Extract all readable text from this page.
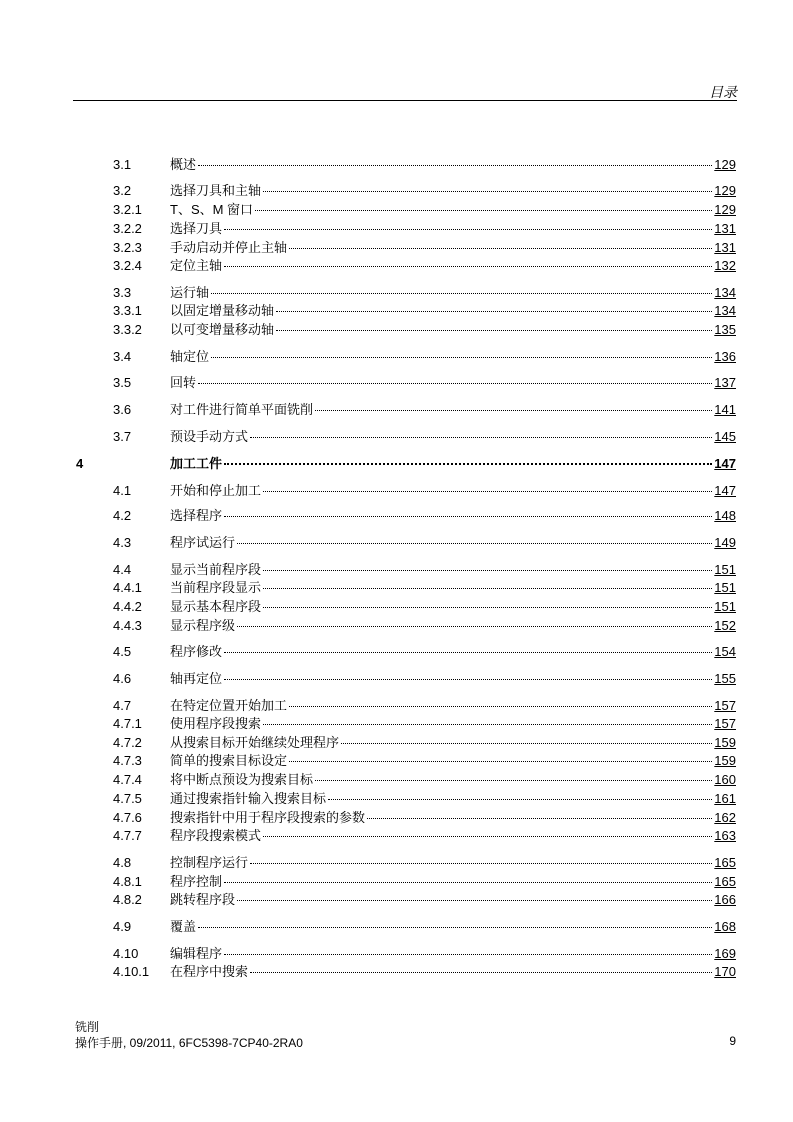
目录
3.1	概述	129
3.2	选择刀具和主轴	129
3.2.1 T、S、M 窗口	129
3.2.2 选择刀具	131
3.2.3 手动启动并停止主轴	131
3.2.4 定位主轴	132
3.3	运行轴	134
3.3.1 以固定增量移动轴	134
3.3.2 以可变增量移动轴	135
3.4	轴定位	136
3.5	回转	137
3.6	对工件进行简单平面铣削	141
3.7	预设手动方式	145
4	加工工件	147
4.1	开始和停止加工	147
4.2	选择程序	148
4.3	程序试运行	149
4.4	显示当前程序段	151
4.4.1 当前程序段显示	151
4.4.2 显示基本程序段	151
4.4.3 显示程序级	152
4.5	程序修改	154
4.6	轴再定位	155
4.7	在特定位置开始加工	157
4.7.1 使用程序段搜索	157
4.7.2 从搜索目标开始继续处理程序	159
4.7.3 简单的搜索目标设定	159
4.7.4 将中断点预设为搜索目标	160
4.7.5 通过搜索指针输入搜索目标	161
4.7.6 搜索指针中用于程序段搜索的参数	162
4.7.7 程序段搜索模式	163
4.8	控制程序运行	165
4.8.1 程序控制	165
4.8.2 跳转程序段	166
4.9	覆盖	168
4.10 编辑程序	169
4.10.1 在程序中搜索	170
铣削
操作手册, 09/2011, 6FC5398-7CP40-2RA0	9
